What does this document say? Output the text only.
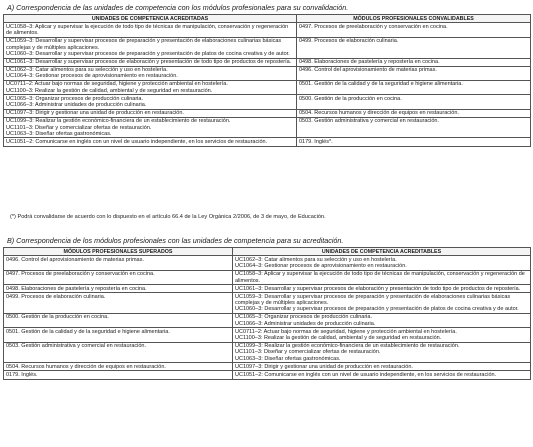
A) Correspondencia de las unidades de competencia con los módulos profesionales para su convalidación.
UNIDADES DE COMPETENCIA ACREDITADAS	MÓDULOS PROFESIONALES CONVALIDABLES

UC1058–3: Aplicar y supervisar la ejecución de todo tipo de técnicas de manipulación, conservación y regeneración de alimentos.	0497. Procesos de preelaboración y conservación en cocina.

UC1059–3: Desarrollar y supervisar procesos de preparación y presentación de elaboraciones culinarias básicas complejas y de múltiples aplicaciones.
UC1060–3: Desarrollar y supervisar procesos de preparación y presentación de platos de cocina creativa y de autor.	0499. Procesos de elaboración culinaria.

UC1061–3: Desarrollar y supervisar procesos de elaboración y presentación de todo tipo de productos de repostería.	0498. Elaboraciones de pastelería y repostería en cocina.

UC1062–3: Catar alimentos para su selección y uso en hostelería.
UC1064–3: Gestionar procesos de aprovisionamiento en restauración.	0496. Control del aprovisionamiento de materias primas.

UC0711–2: Actuar bajo normas de seguridad, higiene y protección ambiental en hostelería.
UC1100–3: Realizar la gestión de calidad, ambiental y de seguridad en restauración.	0501. Gestión de la calidad y de la seguridad e higiene alimentaria.

UC1065–3: Organizar procesos de producción culinaria.
UC1066–3: Administrar unidades de producción culinaria.	0500. Gestión de la producción en cocina.

UC1097–3: Dirigir y gestionar una unidad de producción en restauración.	0504. Recursos humanos y dirección de equipos en restauración.

UC1099–3: Realizar la gestión económico-financiera de un establecimiento de restauración.
UC1101–3: Diseñar y comercializar ofertas de restauración.
UC1063–3: Diseñar ofertas gastronómicas.	0503. Gestión administrativa y comercial en restauración.

UC1051–2: Comunicarse en inglés con un nivel de usuario independiente, en los servicios de restauración.	0179. Inglés*.
(*) Podrá convalidarse de acuerdo con lo dispuesto en el artículo 66.4 de la Ley Orgánica 2/2006, de 3 de mayo, de Educación.
B) Correspondencia de los módulos profesionales con las unidades de competencia para su acreditación.
MÓDULOS PROFESIONALES SUPERADOS	UNIDADES DE COMPETENCIA ACREDITABLES

0496. Control del aprovisionamiento de materias primas.	UC1062–3: Catar alimentos para su selección y uso en hostelería.
UC1064–3: Gestionar procesos de aprovisionamiento en restauración.

0497. Procesos de preelaboración y conservación en cocina.	UC1058–3: Aplicar y supervisar la ejecución de todo tipo de técnicas de manipulación, conservación y regeneración de alimentos.

0498. Elaboraciones de pastelería y repostería en cocina.	UC1061–3: Desarrollar y supervisar procesos de elaboración y presentación de todo tipo de productos de repostería.

0499. Procesos de elaboración culinaria.	UC1059–3: Desarrollar y supervisar procesos de preparación y presentación de elaboraciones culinarias básicas complejas y de múltiples aplicaciones.
UC1060–3: Desarrollar y supervisar procesos de preparación y presentación de platos de cocina creativa y de autor.

0500. Gestión de la producción en cocina.	UC1065–3: Organizar procesos de producción culinaria.
UC1066–3: Administrar unidades de producción culinaria.

0501. Gestión de la calidad y de la seguridad e higiene alimentaria.	UC0711–2: Actuar bajo normas de seguridad, higiene y protección ambiental en hostelería.
UC1100–3: Realizar la gestión de calidad, ambiental y de seguridad en restauración.

0503. Gestión administrativa y comercial en restauración.	UC1099–3: Realizar la gestión económico-financiera de un establecimiento de restauración.
UC1101–3: Diseñar y comercializar ofertas de restauración.
UC1063–3: Diseñar ofertas gastronómicas.

0504. Recursos humanos y dirección de equipos en restauración.	UC1097–3: Dirigir y gestionar una unidad de producción en restauración.

0179. Inglés.	UC1051–2: Comunicarse en inglés con un nivel de usuario independiente, en los servicios de restauración.
